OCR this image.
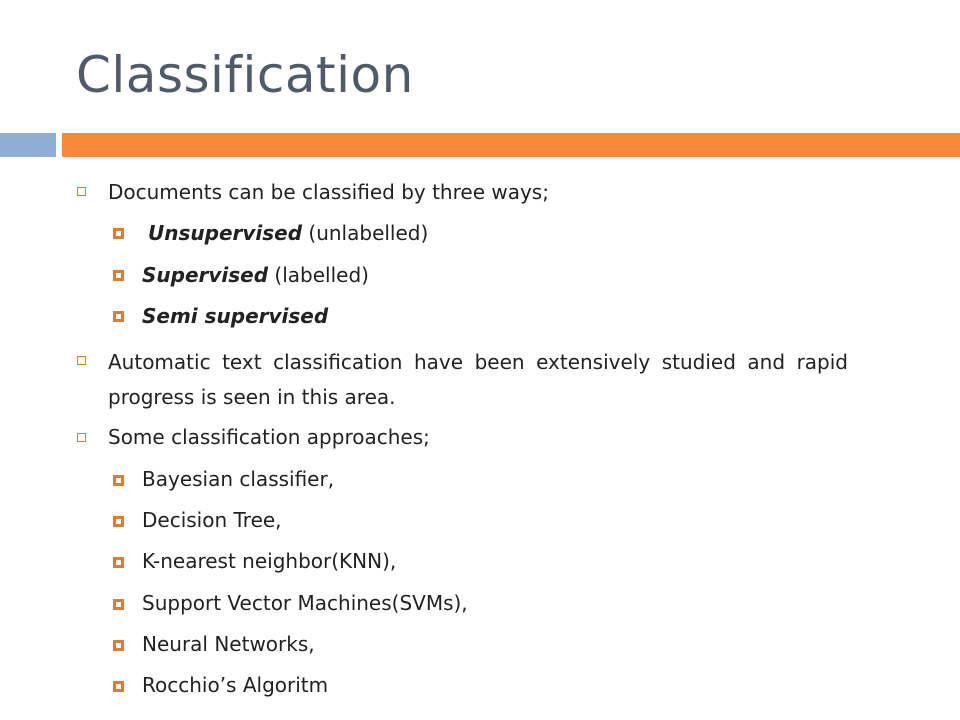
Classification
Documents can be classified by three ways;
Unsupervised (unlabelled)
Supervised (labelled)
Semi supervised
Automatic text classification have been extensively studied and rapid progress is seen in this area.
Some classification approaches;
Bayesian classifier,
Decision Tree,
K-nearest neighbor(KNN),
Support Vector Machines(SVMs),
Neural Networks,
Rocchio’s Algoritm
